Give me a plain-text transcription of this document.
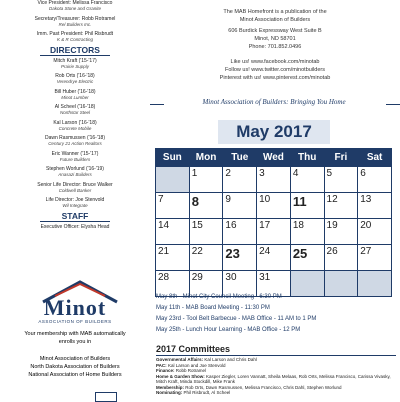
Vice President: Melissa Francisco
Dakota Stone and Granite
Secretary/Treasurer: Robb Rotramel
Rel Builders Inc.
Imm. Past President: Phil Risbrudt
K & R Contracting
DIRECTORS
Mitch Kraft ('15-'17)
Prairie Supply
Rob Orts ('16-'18)
Verendrye Electric
Bill Huber ('16-'18)
Minot Lumber
Al Scheel ('16-'18)
Northstar Steel
Kal Larson ('16-'18)
Concrete Mobile
Dawn Rasmussen ('16-'18)
Century 21 Action Realtors
Eric Wanner ('15-'17)
Future Builders
Stephen Worlund ('16-'19)
Anasazi Builders
Senior Life Director: Bruce Walker
Coldwell Banker
Life Director: Joe Stenvold
Wil Integrate
STAFF
Executive Officer: Elysha Head
Minot
ASSOCIATION OF BUILDERS
Your membership with MAB automatically enrolls you in
Minot Association of Builders
North Dakota Association of Builders
National Association of Home Builders
The MAB Homefront is a publication of the
Minot Association of Builders
606 Burdick Expressway West Suite B
Minot, ND 58701
Phone: 701.852.0496
Like us! www.facebook.com/minotab
Follow us! www.twitter.com/minotbuilders
Pinterest with us! www.pinterest.com/minotab
Minot Association of Builders: Bringing You Home
May 2017
Sun	Mon	Tue	Wed	Thu	Fri	Sat
	1	2	3	4	5	6
7	8	9	10	11	12	13
14	15	16	17	18	19	20
21	22	23	24	25	26	27
28	29	30	31			
May 8th - Minot City Council Meeting - 6:30 PM
May 11th - MAB Board Meeting - 11:30 PM
May 23rd - Tool Belt Barbecue - MAB Office - 11 AM to 1 PM
May 25th - Lunch Hour Learning - MAB Office - 12 PM
2017 Committees
Governmental Affairs: Kal Larson and Chris Dahl
PAC: Kal Larson and Joe Stenvold
Finance: Robb Rotramel
Home & Garden Show: Kasper Ziegler, Loren Vannatt, Sheila Melaas, Rob Orts, Melissa Francisco, Carissa Vivasky, Mitch Kraft, Minda Stockdill, Mike Frank
Membership: Rob Orts, Dawn Rasmussen, Melissa Francisco, Chris Dahl, Stephen Worlund
Nominating: Phil Risbrudt, Al Scheel
